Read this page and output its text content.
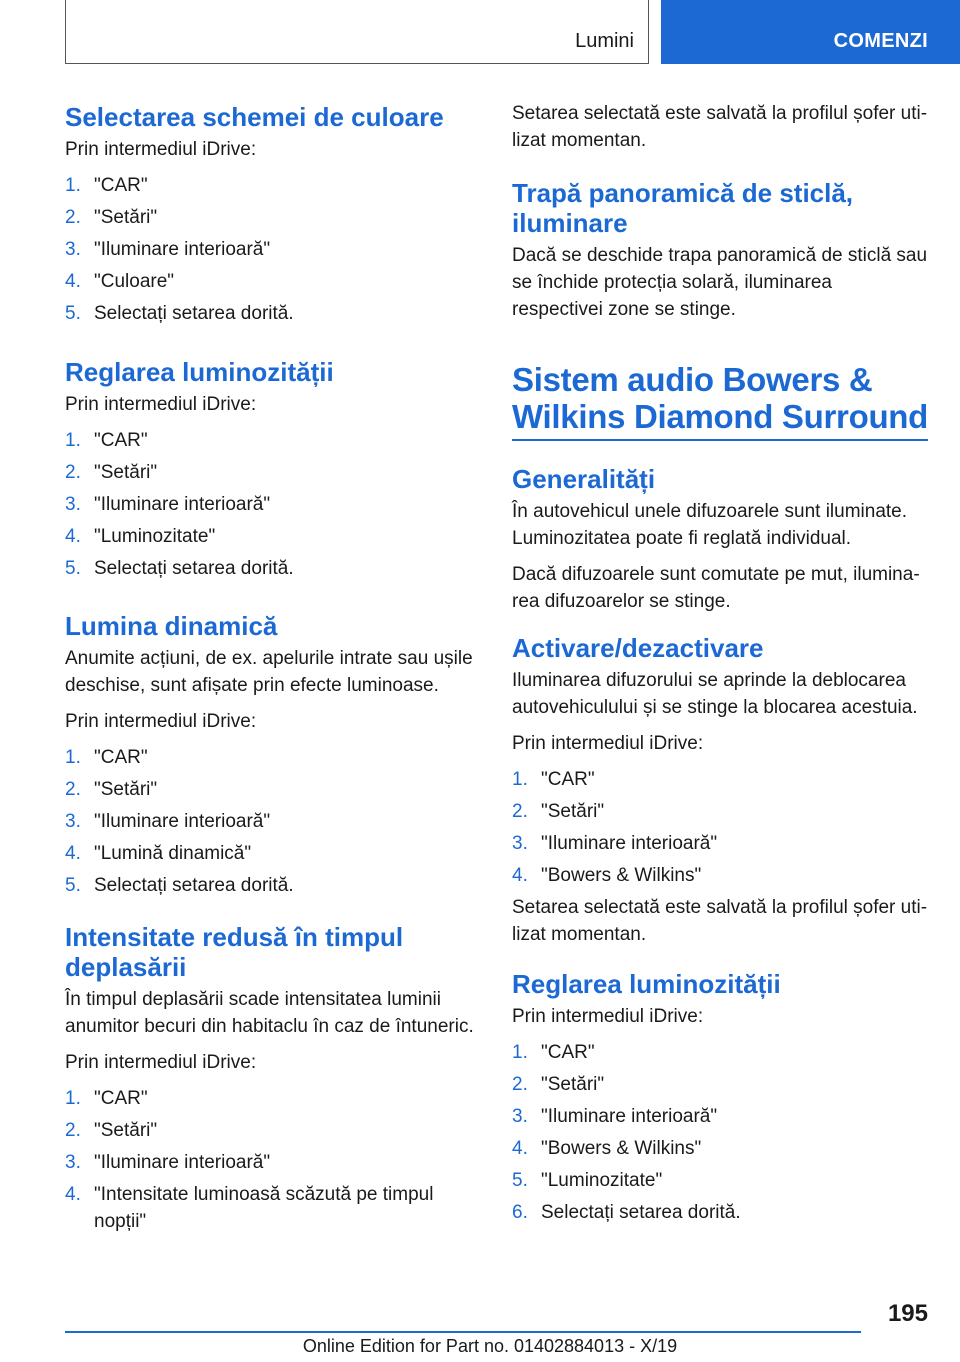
Lumini	COMENZI
Selectarea schemei de culoare

Prin intermediul iDrive:

1. "CAR"
2. "Setări"
3. "Iluminare interioară"
4. "Culoare"
5. Selectați setarea dorită.
Reglarea luminozității

Prin intermediul iDrive:

1. "CAR"
2. "Setări"
3. "Iluminare interioară"
4. "Luminozitate"
5. Selectați setarea dorită.
Lumina dinamică

Anumite acțiuni, de ex. apelurile intrate sau ușile deschise, sunt afișate prin efecte luminoase.

Prin intermediul iDrive:

1. "CAR"
2. "Setări"
3. "Iluminare interioară"
4. "Lumină dinamică"
5. Selectați setarea dorită.
Intensitate redusă în timpul deplasării

În timpul deplasării scade intensitatea luminii anumitor becuri din habitaclu în caz de întuneric.

Prin intermediul iDrive:

1. "CAR"
2. "Setări"
3. "Iluminare interioară"
4. "Intensitate luminoasă scăzută pe timpul nopții"

Setarea selectată este salvată la profilul șofer uti-lizat momentan.

Trapă panoramică de sticlă, iluminare

Dacă se deschide trapa panoramică de sticlă sau se închide protecția solară, iluminarea respectivei zone se stinge.

Sistem audio Bowers & Wilkins Diamond Surround
Generalități

În autovehicul unele difuzoarele sunt iluminate. Luminozitatea poate fi reglată individual.

Dacă difuzoarele sunt comutate pe mut, ilumina-rea difuzoarelor se stinge.

Activare/dezactivare

Iluminarea difuzorului se aprinde la deblocarea autovehiculului și se stinge la blocarea acestuia.

Prin intermediul iDrive:

1. "CAR"
2. "Setări"
3. "Iluminare interioară"
4. "Bowers & Wilkins"

Setarea selectată este salvată la profilul șofer uti-lizat momentan.

Reglarea luminozității

Prin intermediul iDrive:

1. "CAR"
2. "Setări"
3. "Iluminare interioară"
4. "Bowers & Wilkins"
5. "Luminozitate"
6. Selectați setarea dorită.
195
Online Edition for Part no. 01402884013 - X/19
